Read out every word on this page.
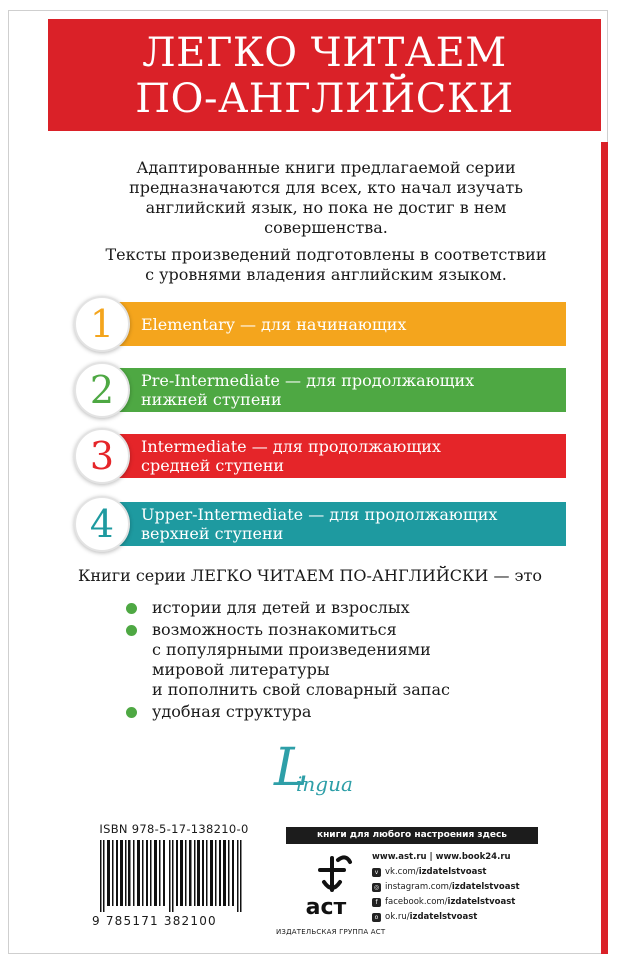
ЛЕГКО ЧИТАЕМ
ПО-АНГЛИЙСКИ
Адаптированные книги предлагаемой серии
предназначаются для всех, кто начал изучать
английский язык, но пока не достиг в нем
совершенства.
Тексты произведений подготовлены в соответствии
с уровнями владения английским языком.
1	Elementary — для начинающих
2	Pre-Intermediate — для продолжающих
нижней ступени
3	Intermediate — для продолжающих
средней ступени
4	Upper-Intermediate — для продолжающих
верхней ступени
Книги серии ЛЕГКО ЧИТАЕМ ПО-АНГЛИЙСКИ — это
истории для детей и взрослых
возможность познакомиться
с популярными произведениями
мировой литературы
и пополнить свой словарный запас
удобная структура
L
ingua
ISBN 978-5-17-138210-0
9 785171 382100
книги для любого настроения здесь
аст
ИЗДАТЕЛЬСКАЯ ГРУППА АСТ
www.ast.ru | www.book24.ru
v vk.com/ izdatelstvoast
◎ instagram.com/ izdatelstvoast
f facebook.com/ izdatelstvoast
o ok.ru/ izdatelstvoast
